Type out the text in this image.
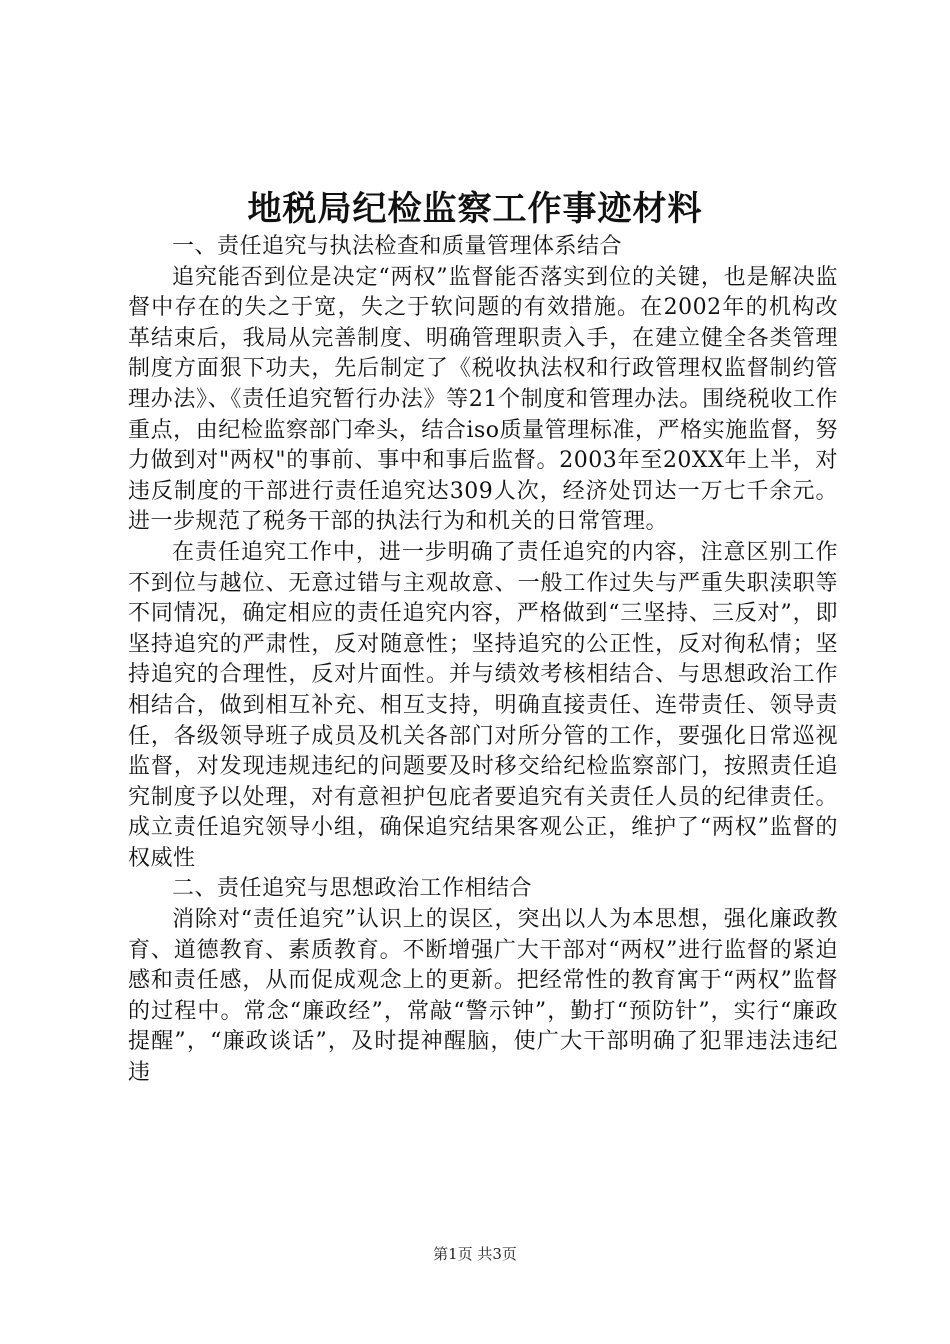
地税局纪检监察工作事迹材料

一、责任追究与执法检查和质量管理体系结合

追究能否到位是决定“两权”监督能否落实到位的关键，也是解决监督中存在的失之于宽，失之于软问题的有效措施。在2002年的机构改革结束后，我局从完善制度、明确管理职责入手，在建立健全各类管理制度方面狠下功夫，先后制定了《税收执法权和行政管理权监督制约管理办法》、《责任追究暂行办法》等21个制度和管理办法。围绕税收工作重点，由纪检监察部门牵头，结合iso质量管理标准，严格实施监督，努力做到对"两权"的事前、事中和事后监督。2003年至20XX年上半，对违反制度的干部进行责任追究达309人次，经济处罚达一万七千余元。进一步规范了税务干部的执法行为和机关的日常管理。

在责任追究工作中，进一步明确了责任追究的内容，注意区别工作不到位与越位、无意过错与主观故意、一般工作过失与严重失职渎职等不同情况，确定相应的责任追究内容，严格做到“三坚持、三反对”，即坚持追究的严肃性，反对随意性；坚持追究的公正性，反对徇私情；坚持追究的合理性，反对片面性。并与绩效考核相结合、与思想政治工作相结合，做到相互补充、相互支持，明确直接责任、连带责任、领导责任，各级领导班子成员及机关各部门对所分管的工作，要强化日常巡视监督，对发现违规违纪的问题要及时移交给纪检监察部门，按照责任追究制度予以处理，对有意袒护包庇者要追究有关责任人员的纪律责任。成立责任追究领导小组，确保追究结果客观公正，维护了“两权”监督的权威性

二、责任追究与思想政治工作相结合

消除对“责任追究”认识上的误区，突出以人为本思想，强化廉政教育、道德教育、素质教育。不断增强广大干部对“两权”进行监督的紧迫感和责任感，从而促成观念上的更新。把经常性的教育寓于“两权”监督的过程中。常念“廉政经”，常敲“警示钟”，勤打“预防针”，实行“廉政提醒”，“廉政谈话”，及时提神醒脑，使广大干部明确了犯罪违法违纪违

第1页 共3页
